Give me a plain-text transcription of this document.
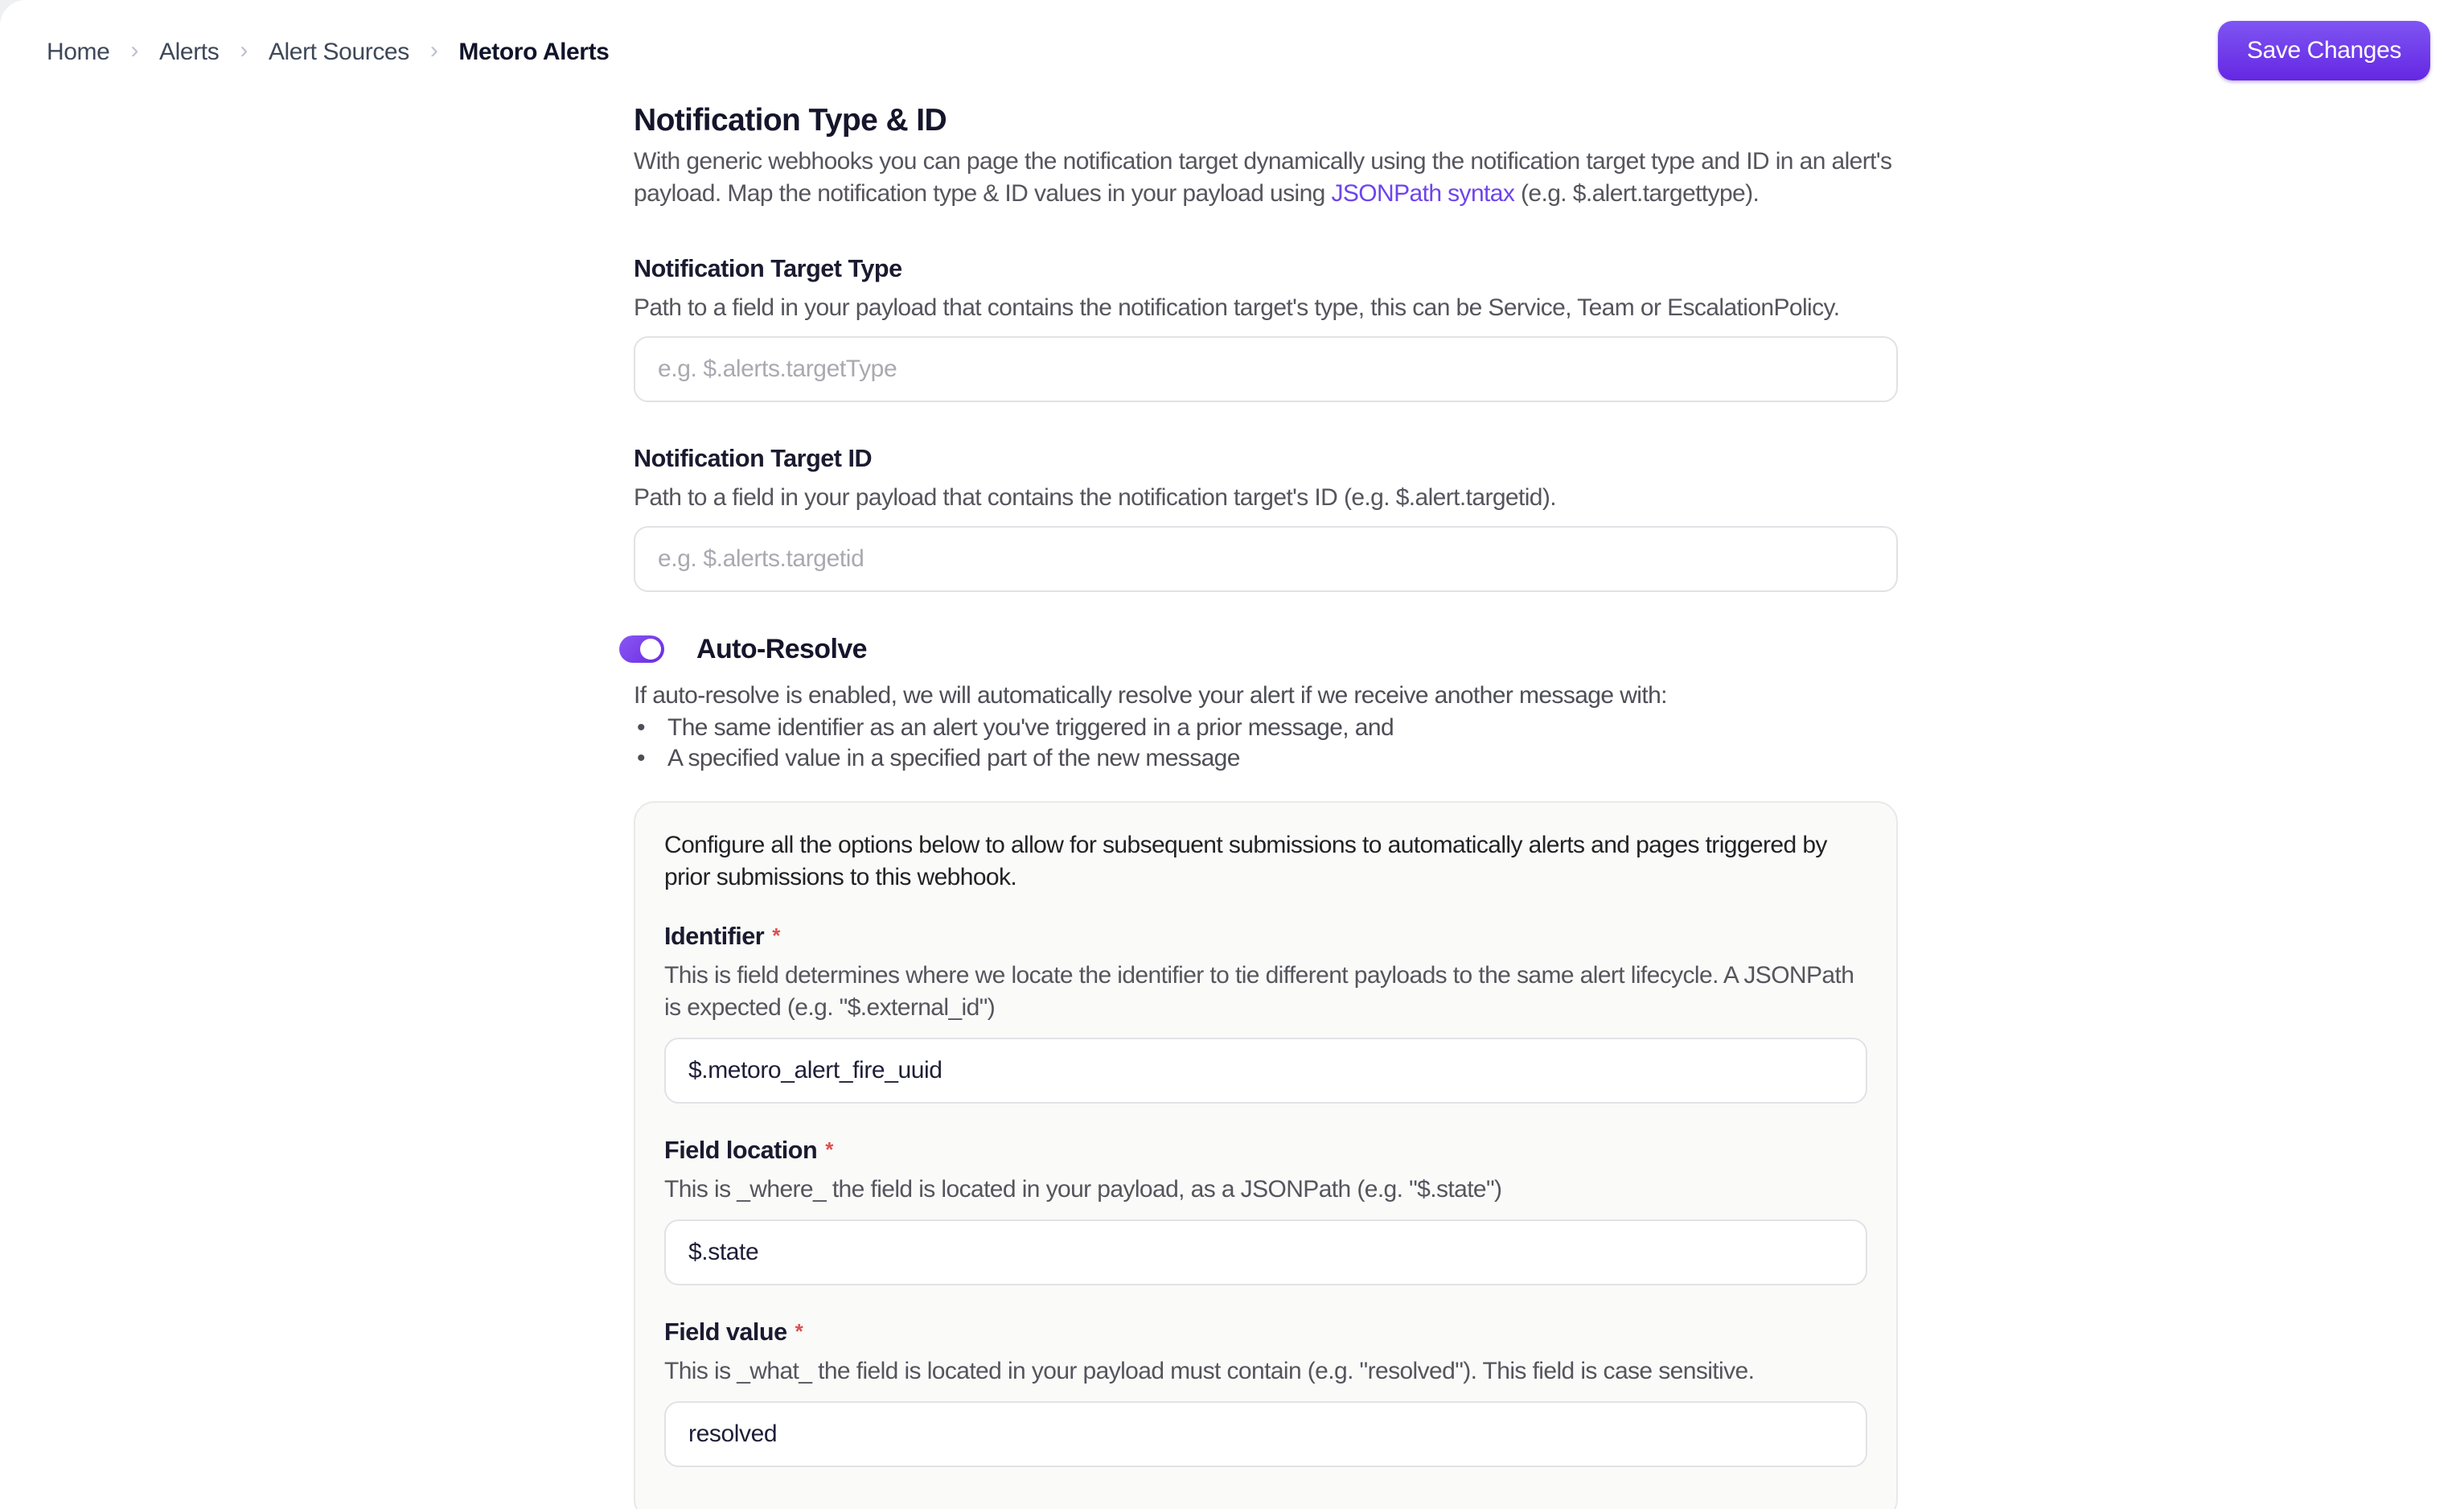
Home › Alerts › Alert Sources › Metoro Alerts	Save Changes
Notification Type & ID

With generic webhooks you can page the notification target dynamically using the notification target type and ID in an alert's payload. Map the notification type & ID values in your payload using JSONPath syntax (e.g. $.alert.targettype).

Notification Target Type
Path to a field in your payload that contains the notification target's type, this can be Service, Team or EscalationPolicy.
e.g. $.alerts.targetType
Notification Target ID
Path to a field in your payload that contains the notification target's ID (e.g. $.alert.targetid).
e.g. $.alerts.targetid
Auto-Resolve

If auto-resolve is enabled, we will automatically resolve your alert if we receive another message with:

• The same identifier as an alert you've triggered in a prior message, and
• A specified value in a specified part of the new message

Configure all the options below to allow for subsequent submissions to automatically alerts and pages triggered by prior submissions to this webhook.

Identifier *
This is field determines where we locate the identifier to tie different payloads to the same alert lifecycle. A JSONPath is expected (e.g. "$.external_id")
$.metoro_alert_fire_uuid
Field location *
This is _where_ the field is located in your payload, as a JSONPath (e.g. "$.state")
$.state
Field value *
This is _what_ the field is located in your payload must contain (e.g. "resolved"). This field is case sensitive.
resolved
